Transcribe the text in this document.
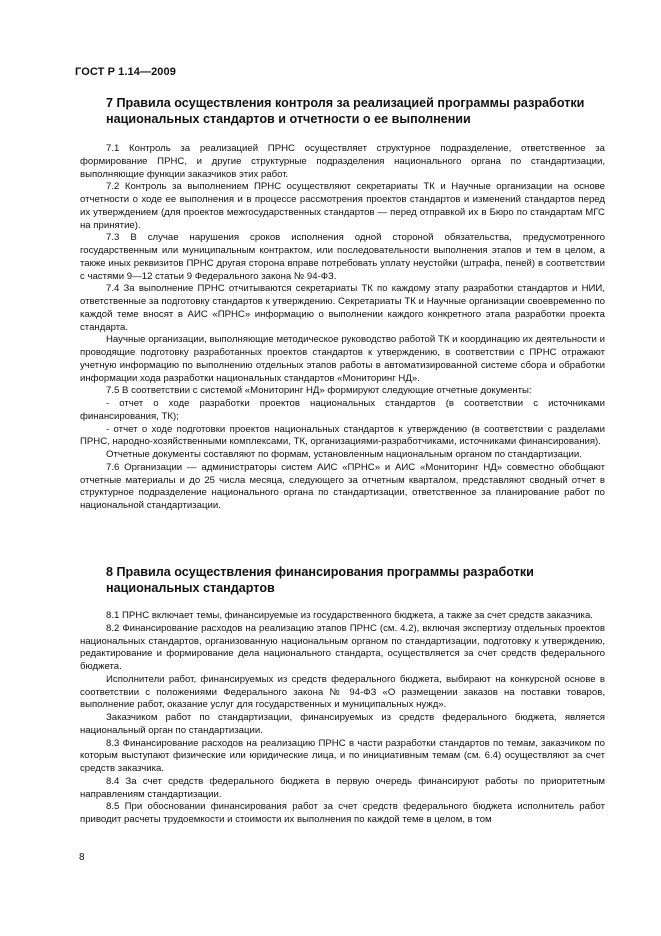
ГОСТ Р 1.14—2009
7 Правила осуществления контроля за реализацией программы разработки национальных стандартов и отчетности о ее выполнении

7.1 Контроль за реализацией ПРНС осуществляет структурное подразделение, ответственное за формирование ПРНС, и другие структурные подразделения национального органа по стандартизации, выполняющие функции заказчиков этих работ.

7.2 Контроль за выполнением ПРНС осуществляют секретариаты ТК и Научные организации на основе отчетности о ходе ее выполнения и в процессе рассмотрения проектов стандартов и изменений стандартов перед их утверждением (для проектов межгосударственных стандартов — перед отправкой их в Бюро по стандартам МГС на принятие).

7.3 В случае нарушения сроков исполнения одной стороной обязательства, предусмотренного государственным или муниципальным контрактом, или последовательности выполнения этапов и тем в целом, а также иных реквизитов ПРНС другая сторона вправе потребовать уплату неустойки (штрафа, пеней) в соответствии с частями 9—12 статьи 9 Федерального закона № 94-ФЗ.

7.4 За выполнение ПРНС отчитываются секретариаты ТК по каждому этапу разработки стандартов и НИИ, ответственные за подготовку стандартов к утверждению. Секретариаты ТК и Научные организации своевременно по каждой теме вносят в АИС «ПРНС» информацию о выполнении каждого конкретного этапа разработки проекта стандарта.

Научные организации, выполняющие методическое руководство работой ТК и координацию их деятельности и проводящие подготовку разработанных проектов стандартов к утверждению, в соответствии с ПРНС отражают учетную информацию по выполнению отдельных этапов работы в автоматизированной системе сбора и обработки информации хода разработки национальных стандартов «Мониторинг НД».

7.5 В соответствии с системой «Мониторинг НД» формируют следующие отчетные документы:

- отчет о ходе разработки проектов национальных стандартов (в соответствии с источниками финансирования, ТК);

- отчет о ходе подготовки проектов национальных стандартов к утверждению (в соответствии с разделами ПРНС, народно-хозяйственными комплексами, ТК, организациями-разработчиками, источниками финансирования).

Отчетные документы составляют по формам, установленным национальным органом по стандартизации.

7.6 Организации — администраторы систем АИС «ПРНС» и АИС «Мониторинг НД» совместно обобщают отчетные материалы и до 25 числа месяца, следующего за отчетным кварталом, представляют сводный отчет в структурное подразделение национального органа по стандартизации, ответственное за планирование работ по национальной стандартизации.

8 Правила осуществления финансирования программы разработки национальных стандартов

8.1 ПРНС включает темы, финансируемые из государственного бюджета, а также за счет средств заказчика.

8.2 Финансирование расходов на реализацию этапов ПРНС (см. 4.2), включая экспертизу отдельных проектов национальных стандартов, организованную национальным органом по стандартизации, подготовку к утверждению, редактирование и формирование дела национального стандарта, осуществляется за счет средств федерального бюджета.

Исполнители работ, финансируемых из средств федерального бюджета, выбирают на конкурсной основе в соответствии с положениями Федерального закона № 94-ФЗ «О размещении заказов на поставки товаров, выполнение работ, оказание услуг для государственных и муниципальных нужд».

Заказчиком работ по стандартизации, финансируемых из средств федерального бюджета, является национальный орган по стандартизации.

8.3 Финансирование расходов на реализацию ПРНС в части разработки стандартов по темам, заказчиком по которым выступают физические или юридические лица, и по инициативным темам (см. 6.4) осуществляют за счет средств заказчика.

8.4 За счет средств федерального бюджета в первую очередь финансируют работы по приоритетным направлениям стандартизации.

8.5 При обосновании финансирования работ за счет средств федерального бюджета исполнитель работ приводит расчеты трудоемкости и стоимости их выполнения по каждой теме в целом, в том

8
